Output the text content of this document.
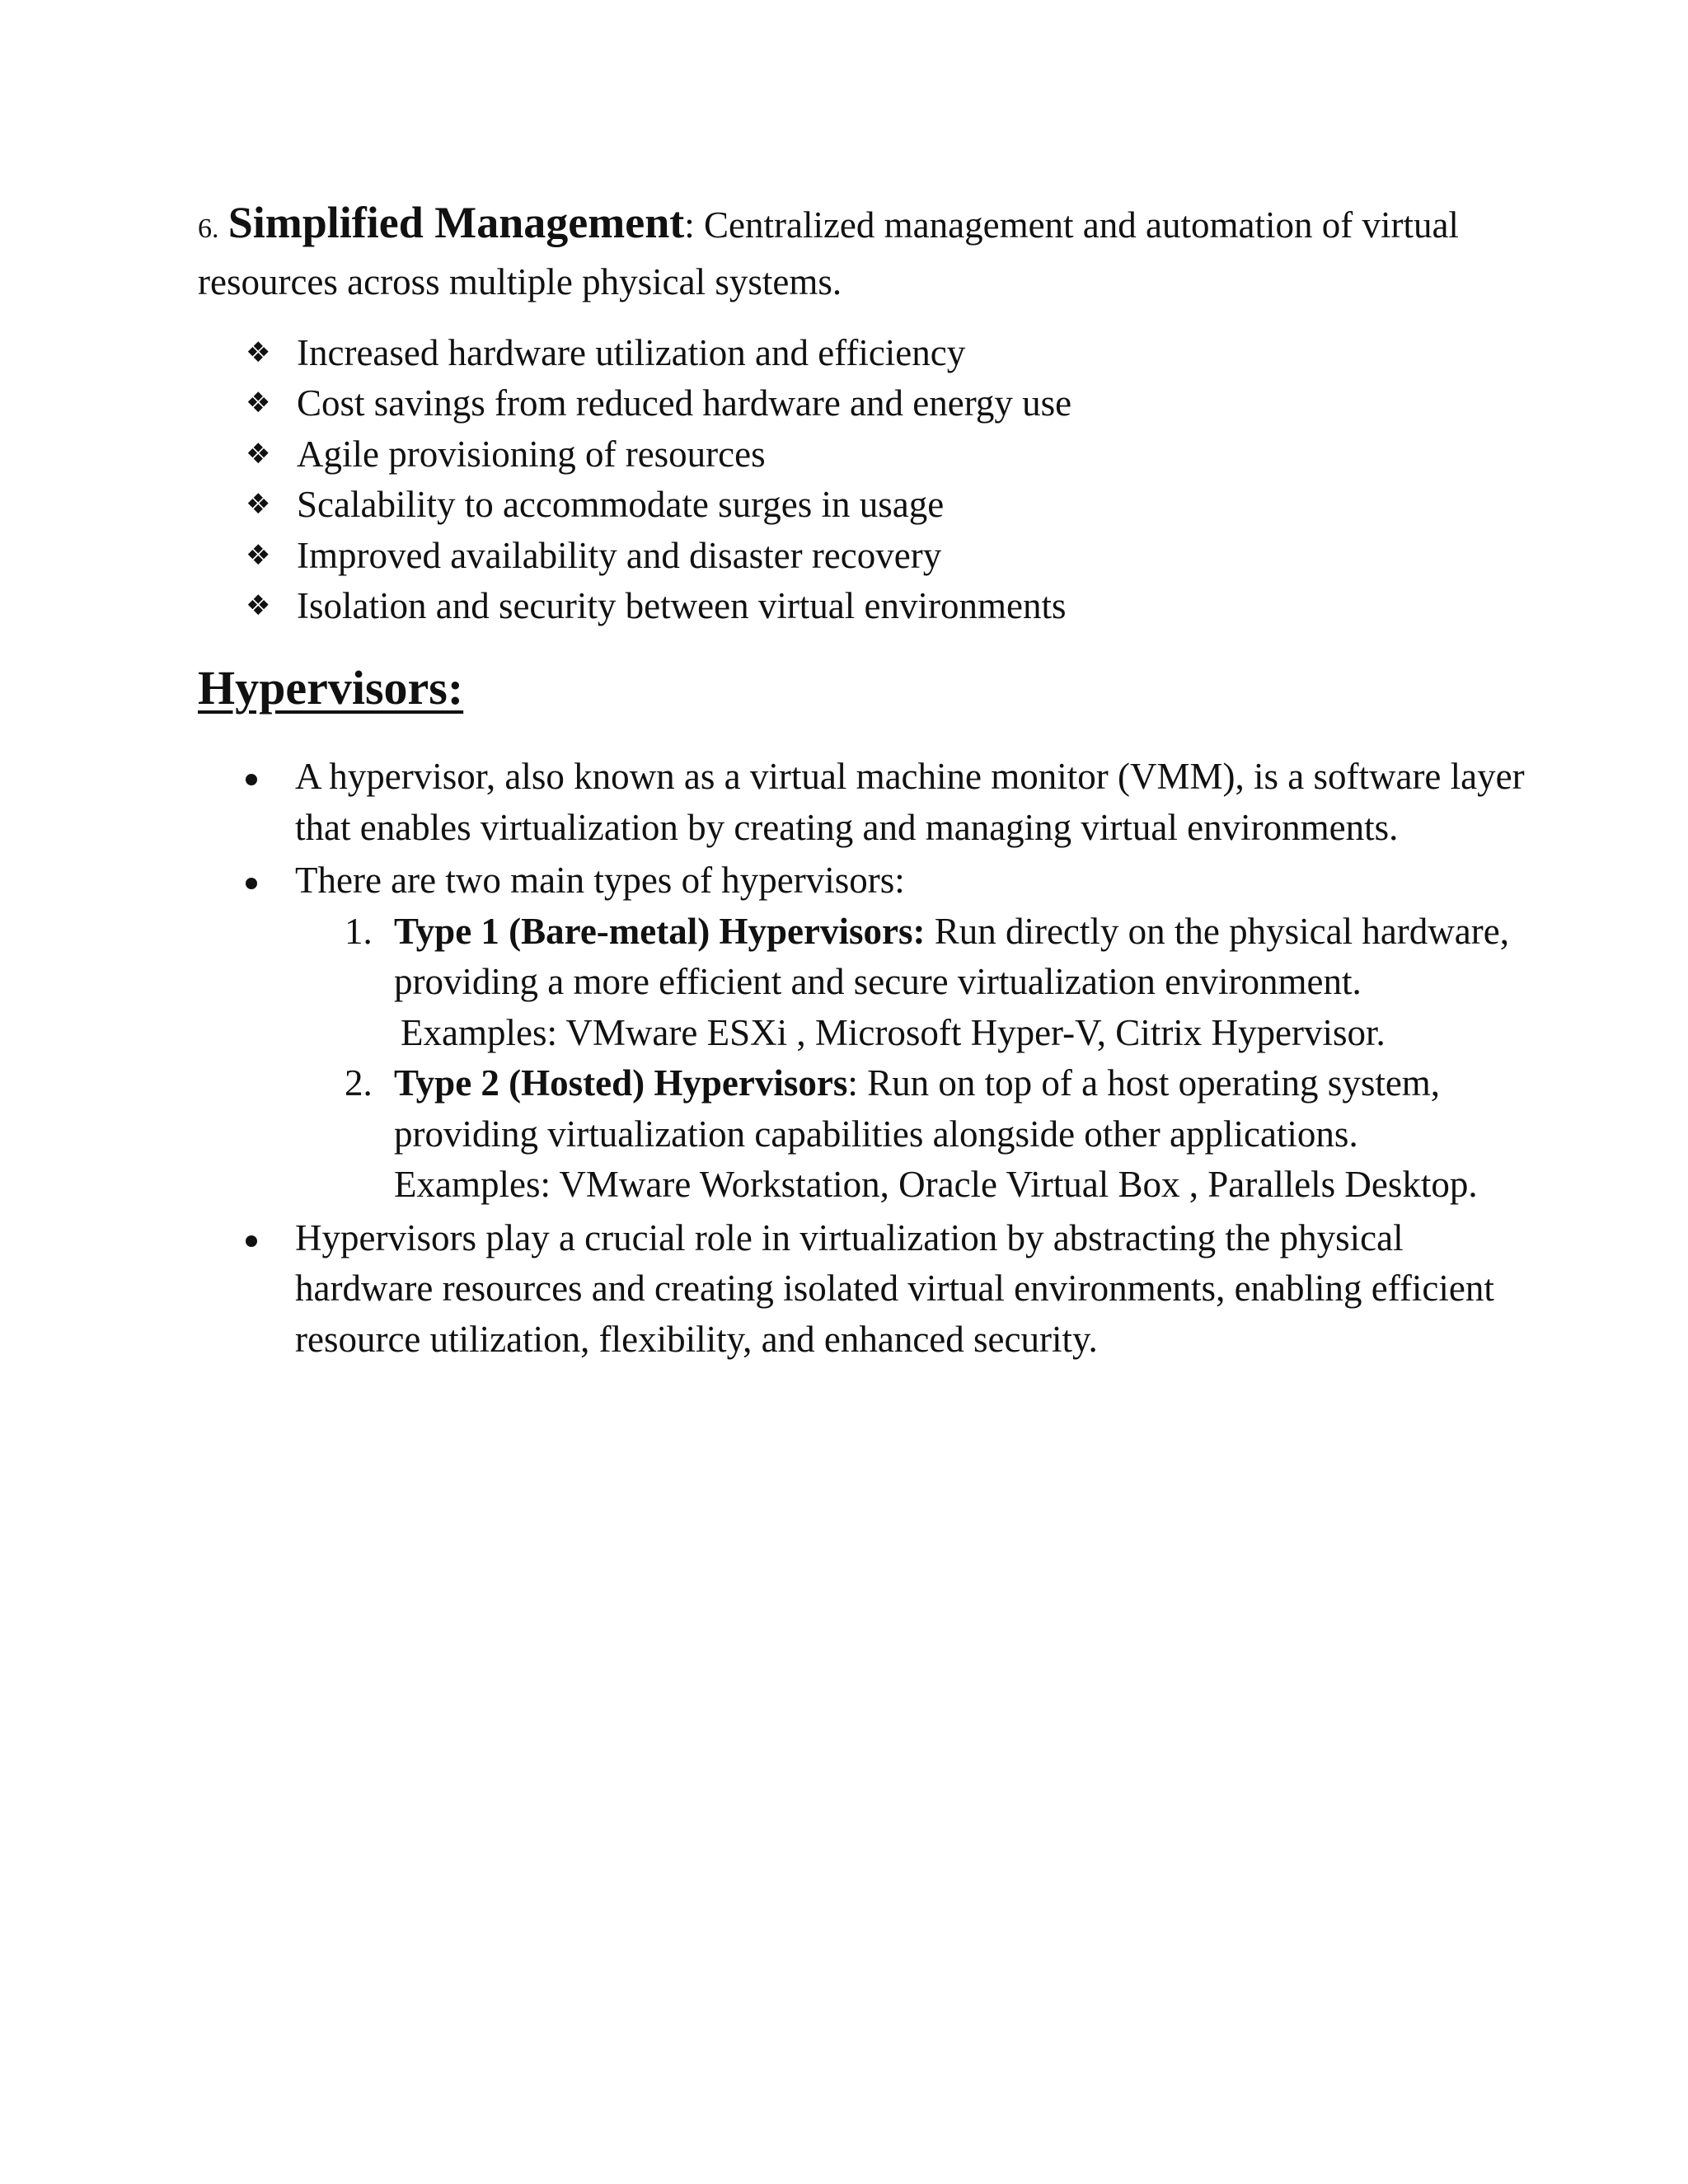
6. Simplified Management: Centralized management and automation of virtual resources across multiple physical systems.

❖ Increased hardware utilization and efficiency
❖ Cost savings from reduced hardware and energy use
❖ Agile provisioning of resources
❖ Scalability to accommodate surges in usage
❖ Improved availability and disaster recovery
❖ Isolation and security between virtual environments
Hypervisors:
A hypervisor, also known as a virtual machine monitor (VMM), is a software layer that enables virtualization by creating and managing virtual environments.
There are two main types of hypervisors:
1. Type 1 (Bare-metal) Hypervisors: Run directly on the physical hardware, providing a more efficient and secure virtualization environment.
Examples: VMware ESXi , Microsoft Hyper-V, Citrix Hypervisor.
2. Type 2 (Hosted) Hypervisors: Run on top of a host operating system, providing virtualization capabilities alongside other applications.
Examples: VMware Workstation, Oracle Virtual Box , Parallels Desktop.
Hypervisors play a crucial role in virtualization by abstracting the physical hardware resources and creating isolated virtual environments, enabling efficient resource utilization, flexibility, and enhanced security.
